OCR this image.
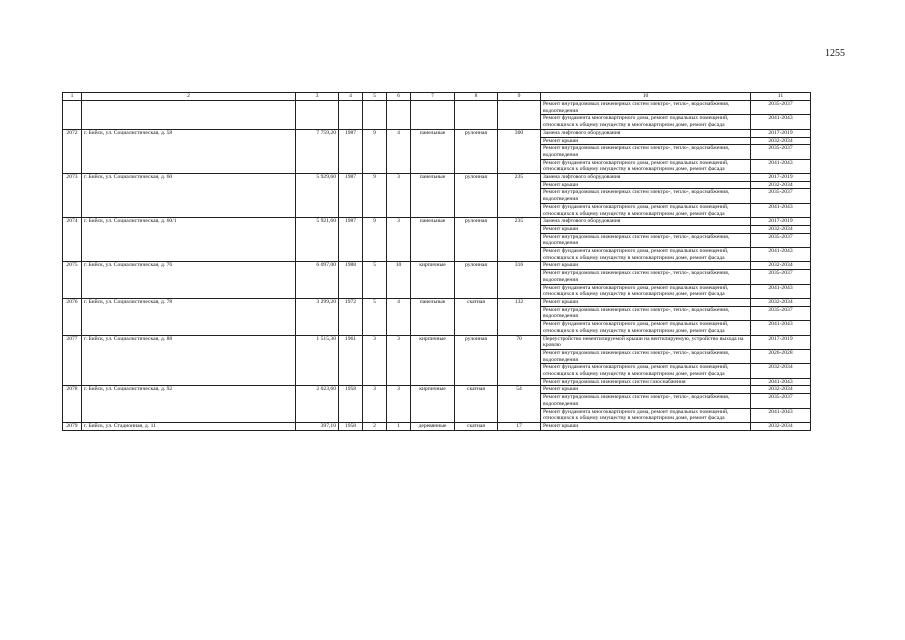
1255
1	2	3	4	5	6	7	8	9	10	11
									Ремонт внутридомовых инженерных систем электро-, тепло-, водоснабжения, водоотведения	2035-2037
									Ремонт фундамента многоквартирного дома, ремонт подвальных помещений, относящихся к общему имуществу в многоквартирном доме, ремонт фасада	2041-2043
2072	г. Бийск, ул. Социалистическая, д. 58	7 759,20	1987	9	4	панельные	рулонная	300	Замена лифтового оборудования	2017-2019
									Ремонт крыши	2032-2034
									Ремонт внутридомовых инженерных систем электро-, тепло-, водоснабжения, водоотведения	2035-2037
									Ремонт фундамента многоквартирного дома, ремонт подвальных помещений, относящихся к общему имуществу в многоквартирном доме, ремонт фасада	2041-2043
2073	г. Бийск, ул. Социалистическая, д. 60	5 929,60	1987	9	3	панельные	рулонная	235	Замена лифтового оборудования	2017-2019
									Ремонт крыши	2032-2034
									Ремонт внутридомовых инженерных систем электро-, тепло-, водоснабжения, водоотведения	2035-2037
									Ремонт фундамента многоквартирного дома, ремонт подвальных помещений, относящихся к общему имуществу в многоквартирном доме, ремонт фасада	2041-2043
2074	г. Бийск, ул. Социалистическая, д. 60/1	5 921,60	1987	9	3	панельные	рулонная	235	Замена лифтового оборудования	2017-2019
									Ремонт крыши	2032-2034
									Ремонт внутридомовых инженерных систем электро-, тепло-, водоснабжения, водоотведения	2035-2037
									Ремонт фундамента многоквартирного дома, ремонт подвальных помещений, относящихся к общему имуществу в многоквартирном доме, ремонт фасада	2041-2043
2075	г. Бийск, ул. Социалистическая, д. 76	6 097,00	1988	5	10	кирпичные	рулонная	316	Ремонт крыши	2032-2034
									Ремонт внутридомовых инженерных систем электро-, тепло-, водоснабжения, водоотведения	2035-2037
									Ремонт фундамента многоквартирного дома, ремонт подвальных помещений, относящихся к общему имуществу в многоквартирном доме, ремонт фасада	2041-2043
2076	г. Бийск, ул. Социалистическая, д. 78	3 299,20	1972	5	4	панельные	скатная	132	Ремонт крыши	2032-2034
									Ремонт внутридомовых инженерных систем электро-, тепло-, водоснабжения, водоотведения	2035-2037
									Ремонт фундамента многоквартирного дома, ремонт подвальных помещений, относящихся к общему имуществу в многоквартирном доме, ремонт фасада	2041-2043
2077	г. Бийск, ул. Социалистическая, д. 88	1 515,30	1961	3	3	кирпичные	рулонная	70	Переустройство невентилируемой крыши на вентилируемую, устройство выхода на кровлю	2017-2019
									Ремонт внутридомовых инженерных систем электро-, тепло-, водоснабжения, водоотведения	2026-2028
									Ремонт фундамента многоквартирного дома, ремонт подвальных помещений, относящихся к общему имуществу в многоквартирном доме, ремонт фасада	2032-2034
									Ремонт внутридомовых инженерных систем газоснабжения	2041-2043
2078	г. Бийск, ул. Социалистическая, д. 92	2 023,60	1958	3	3	кирпичные	скатная	54	Ремонт крыши	2032-2034
									Ремонт внутридомовых инженерных систем электро-, тепло-, водоснабжения, водоотведения	2035-2037
									Ремонт фундамента многоквартирного дома, ремонт подвальных помещений, относящихся к общему имуществу в многоквартирном доме, ремонт фасада	2041-2043
2079	г. Бийск, ул. Стадионная, д. 11	397,10	1958	2	1	деревянные	скатная	17	Ремонт крыши	2032-2034
